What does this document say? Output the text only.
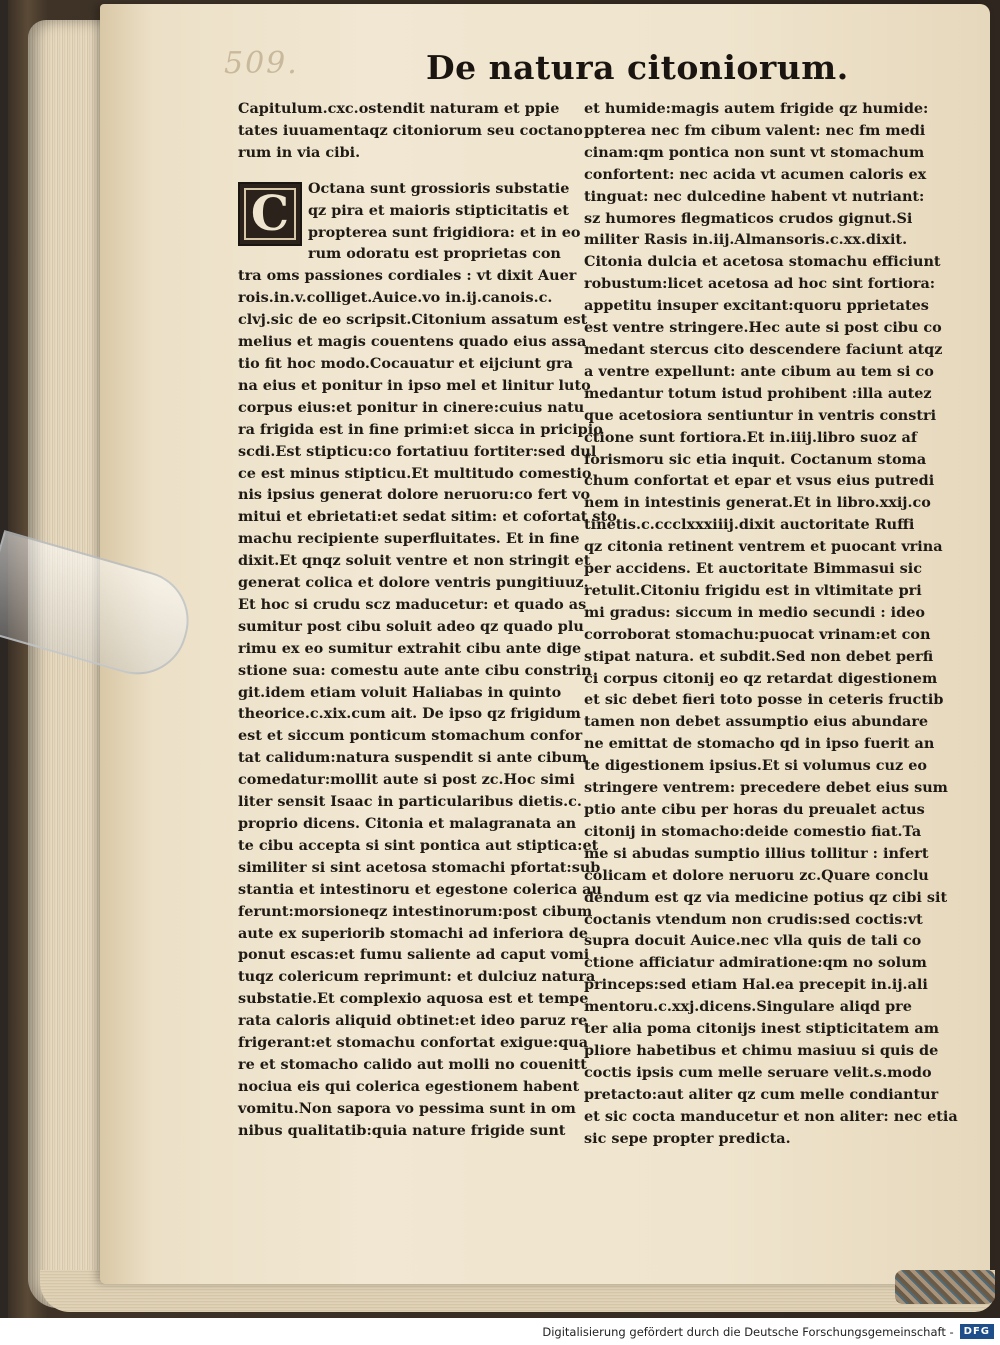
509.	De natura citoniorum.
Capitulum.cxc.ostendit naturam et ppie
tates iuuamentaqz citoniorum seu coctano
rum in via cibi.
C	Octana sunt grossioris substatie
qz pira et maioris stipticitatis et
propterea sunt frigidiora: et in eo
rum odoratu est proprietas con
tra oms passiones cordiales : vt dixit Auer
rois.in.v.colliget.Auice.vo in.ij.canois.c.
clvj.sic de eo scripsit.Citonium assatum est
melius et magis couentens quado eius assa
tio fit hoc modo.Cocauatur et eijciunt gra
na eius et ponitur in ipso mel et linitur luto
corpus eius:et ponitur in cinere:cuius natu
ra frigida est in fine primi:et sicca in pricipio
scdi.Est stipticu:co fortatiuu fortiter:sed dul
ce est minus stipticu.Et multitudo comestio
nis ipsius generat dolore neruoru:co fert vo
mitui et ebrietati:et sedat sitim: et cofortat sto
machu recipiente superfluitates. Et in fine
dixit.Et qnqz soluit ventre et non stringit et
generat colica et dolore ventris pungitiuuz.
Et hoc si crudu scz maducetur: et quado as
sumitur post cibu soluit adeo qz quado plu
rimu ex eo sumitur extrahit cibu ante dige
stione sua: comestu aute ante cibu constrin
git.idem etiam voluit Haliabas in quinto
theorice.c.xix.cum ait. De ipso qz frigidum
est et siccum ponticum stomachum confor
tat calidum:natura suspendit si ante cibum
comedatur:mollit aute si post zc.Hoc simi
liter sensit Isaac in particularibus dietis.c.
proprio dicens. Citonia et malagranata an
te cibu accepta si sint pontica aut stiptica:et
similiter si sint acetosa stomachi pfortat:sub
stantia et intestinoru et egestone colerica au
ferunt:morsioneqz intestinorum:post cibum
aute ex superiorib stomachi ad inferiora de
ponut escas:et fumu saliente ad caput vomi
tuqz colericum reprimunt: et dulciuz natura
substatie.Et complexio aquosa est et tempe
rata caloris aliquid obtinet:et ideo paruz re
frigerant:et stomachu confortat exigue:qua
re et stomacho calido aut molli no couenitt
nociua eis qui colerica egestionem habent
vomitu.Non sapora vo pessima sunt in om
nibus qualitatib:quia nature frigide sunt
et humide:magis autem frigide qz humide:
ppterea nec fm cibum valent: nec fm medi
cinam:qm pontica non sunt vt stomachum
confortent: nec acida vt acumen caloris ex
tinguat: nec dulcedine habent vt nutriant:
sz humores flegmaticos crudos gignut.Si
militer Rasis in.iij.Almansoris.c.xx.dixit.
Citonia dulcia et acetosa stomachu efficiunt
robustum:licet acetosa ad hoc sint fortiora:
appetitu insuper excitant:quoru pprietates
est ventre stringere.Hec aute si post cibu co
medant stercus cito descendere faciunt atqz
a ventre expellunt: ante cibum au tem si co
medantur totum istud prohibent :illa autez
que acetosiora sentiuntur in ventris constri
ctione sunt fortiora.Et in.iiij.libro suoz af
forismoru sic etia inquit. Coctanum stoma
chum confortat et epar et vsus eius putredi
nem in intestinis generat.Et in libro.xxij.co
tinetis.c.ccclxxxiiij.dixit auctoritate Ruffi
qz citonia retinent ventrem et puocant vrina
per accidens. Et auctoritate Bimmasui sic
retulit.Citoniu frigidu est in vltimitate pri
mi gradus: siccum in medio secundi : ideo
corroborat stomachu:puocat vrinam:et con
stipat natura. et subdit.Sed non debet perfi
ci corpus citonij eo qz retardat digestionem
et sic debet fieri toto posse in ceteris fructib
tamen non debet assumptio eius abundare
ne emittat de stomacho qd in ipso fuerit an
te digestionem ipsius.Et si volumus cuz eo
stringere ventrem: precedere debet eius sum
ptio ante cibu per horas du preualet actus
citonij in stomacho:deide comestio fiat.Ta
me si abudas sumptio illius tollitur : infert
colicam et dolore neruoru zc.Quare conclu
dendum est qz via medicine potius qz cibi sit
coctanis vtendum non crudis:sed coctis:vt
supra docuit Auice.nec vlla quis de tali co
ctione afficiatur admiratione:qm no solum
princeps:sed etiam Hal.ea precepit in.ij.ali
mentoru.c.xxj.dicens.Singulare aliqd pre
ter alia poma citonijs inest stipticitatem am
pliore habetibus et chimu masiuu si quis de
coctis ipsis cum melle seruare velit.s.modo
pretacto:aut aliter qz cum melle condiantur
et sic cocta manducetur et non aliter: nec etia
sic sepe propter predicta.
Digitalisierung gefördert durch die Deutsche Forschungsgemeinschaft -	DFG
